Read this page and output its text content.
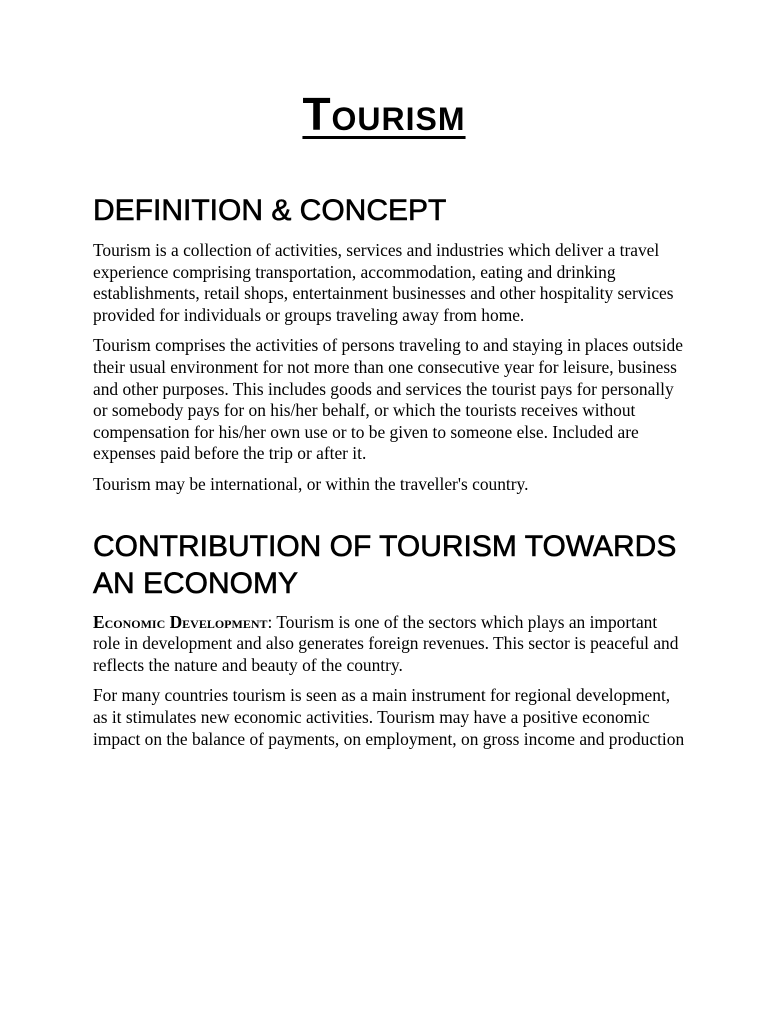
Tourism
DEFINITION & CONCEPT

Tourism is a collection of activities, services and industries which deliver a travel experience comprising transportation, accommodation, eating and drinking establishments, retail shops, entertainment businesses and other hospitality services provided for individuals or groups traveling away from home.

Tourism comprises the activities of persons traveling to and staying in places outside their usual environment for not more than one consecutive year for leisure, business and other purposes. This includes goods and services the tourist pays for personally or somebody pays for on his/her behalf, or which the tourists receives without compensation for his/her own use or to be given to someone else. Included are expenses paid before the trip or after it.

Tourism may be international, or within the traveller's country.

CONTRIBUTION OF TOURISM TOWARDS AN ECONOMY

Economic Development: Tourism is one of the sectors which plays an important role in development and also generates foreign revenues. This sector is peaceful and reflects the nature and beauty of the country.

For many countries tourism is seen as a main instrument for regional development, as it stimulates new economic activities. Tourism may have a positive economic impact on the balance of payments, on employment, on gross income and production
